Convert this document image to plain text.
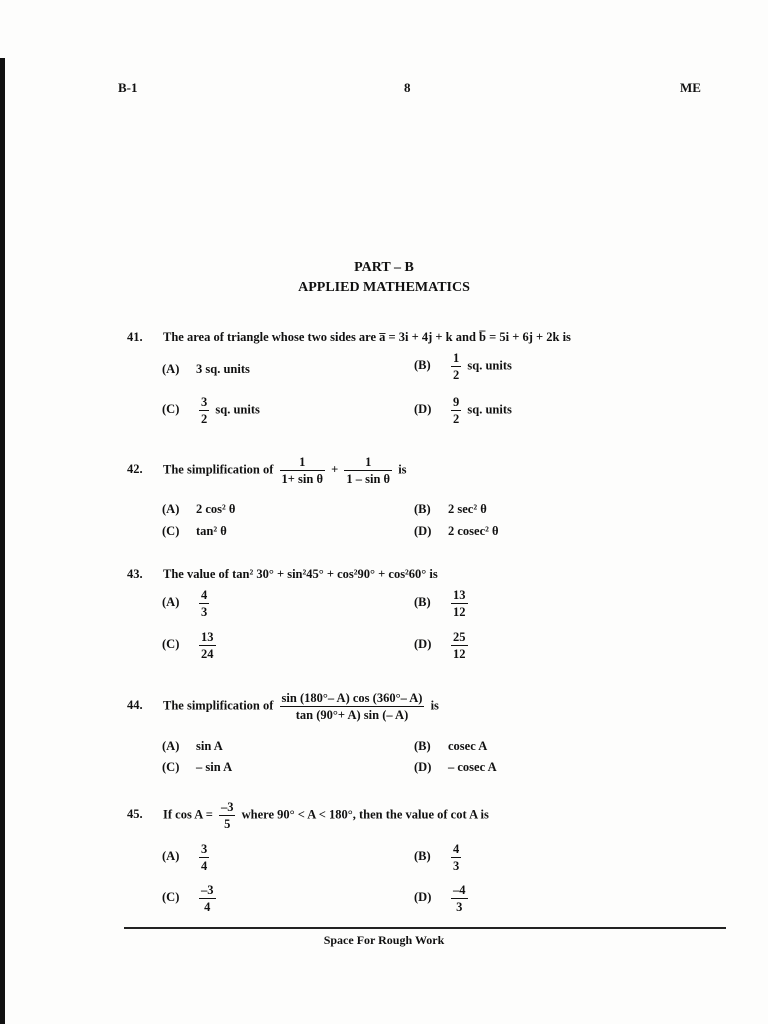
B-1	8	ME
PART – B
APPLIED MATHEMATICS
41. The area of triangle whose two sides are a̅ = 3i + 4j + k and b̅ = 5i + 6j + 2k is
(A) 3 sq. units	$(B) \frac{1}{2}$ sq. units
$(C) \frac{3}{2}$ sq. units	$(D) \frac{9}{2}$ sq. units
42. The simplification of $\frac{1}{\text{1+ sin θ}} + \frac{1}{\text{1 – sin θ}}$ is
(A) 2 cos² θ	(B) 2 sec² θ
(C) tan² θ	(D) 2 cosec² θ
43. The value of tan² 30° + sin²45° + cos²90° + cos²60° is
$(A) \frac{4}{3}$	$(B) \frac{13}{12}$
$(C) \frac{13}{24}$	$(D) \frac{25}{12}$
44. The simplification of $\frac{\sin (180^\circ- A) \cos (360^\circ- A)}{\tan (90^\circ+ A) \sin (- A)}$ is
(A) sin A	(B) cosec A
(C) – sin A	(D) – cosec A
45. If $\cos A = \frac{-3}{5}$ where 90° < A < 180°, then the value of cot A is
$(A) \frac{3}{4}$	$(B) \frac{4}{3}$
$(C) \frac{-3}{4}$	$(D) \frac{-4}{3}$
Space For Rough Work
